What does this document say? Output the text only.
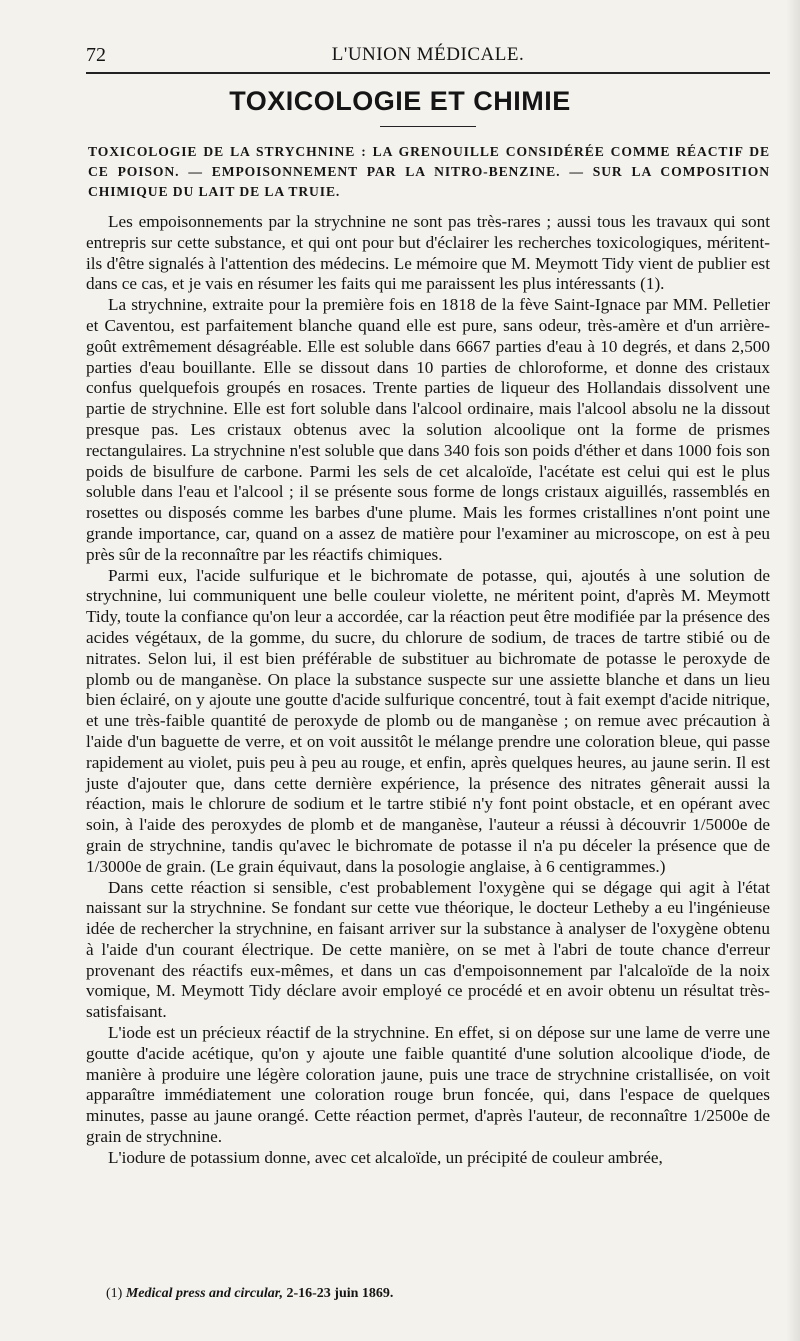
72	L'UNION MÉDICALE.
TOXICOLOGIE ET CHIMIE
TOXICOLOGIE DE LA STRYCHNINE : LA GRENOUILLE CONSIDÉRÉE COMME RÉACTIF DE CE POISON. — EMPOISONNEMENT PAR LA NITRO-BENZINE. — SUR LA COMPOSITION CHIMIQUE DU LAIT DE LA TRUIE.

Les empoisonnements par la strychnine ne sont pas très-rares ; aussi tous les travaux qui sont entrepris sur cette substance, et qui ont pour but d'éclairer les recherches toxicologiques, méritent-ils d'être signalés à l'attention des médecins. Le mémoire que M. Meymott Tidy vient de publier est dans ce cas, et je vais en résumer les faits qui me paraissent les plus intéressants (1).

La strychnine, extraite pour la première fois en 1818 de la fève Saint-Ignace par MM. Pelletier et Caventou, est parfaitement blanche quand elle est pure, sans odeur, très-amère et d'un arrière-goût extrêmement désagréable. Elle est soluble dans 6667 parties d'eau à 10 degrés, et dans 2,500 parties d'eau bouillante. Elle se dissout dans 10 parties de chloroforme, et donne des cristaux confus quelquefois groupés en rosaces. Trente parties de liqueur des Hollandais dissolvent une partie de strychnine. Elle est fort soluble dans l'alcool ordinaire, mais l'alcool absolu ne la dissout presque pas. Les cristaux obtenus avec la solution alcoolique ont la forme de prismes rectangulaires. La strychnine n'est soluble que dans 340 fois son poids d'éther et dans 1000 fois son poids de bisulfure de carbone. Parmi les sels de cet alcaloïde, l'acétate est celui qui est le plus soluble dans l'eau et l'alcool ; il se présente sous forme de longs cristaux aiguillés, rassemblés en rosettes ou disposés comme les barbes d'une plume. Mais les formes cristallines n'ont point une grande importance, car, quand on a assez de matière pour l'examiner au microscope, on est à peu près sûr de la reconnaître par les réactifs chimiques.

Parmi eux, l'acide sulfurique et le bichromate de potasse, qui, ajoutés à une solution de strychnine, lui communiquent une belle couleur violette, ne méritent point, d'après M. Meymott Tidy, toute la confiance qu'on leur a accordée, car la réaction peut être modifiée par la présence des acides végétaux, de la gomme, du sucre, du chlorure de sodium, de traces de tartre stibié ou de nitrates. Selon lui, il est bien préférable de substituer au bichromate de potasse le peroxyde de plomb ou de manganèse. On place la substance suspecte sur une assiette blanche et dans un lieu bien éclairé, on y ajoute une goutte d'acide sulfurique concentré, tout à fait exempt d'acide nitrique, et une très-faible quantité de peroxyde de plomb ou de manganèse ; on remue avec précaution à l'aide d'un baguette de verre, et on voit aussitôt le mélange prendre une coloration bleue, qui passe rapidement au violet, puis peu à peu au rouge, et enfin, après quelques heures, au jaune serin. Il est juste d'ajouter que, dans cette dernière expérience, la présence des nitrates gênerait aussi la réaction, mais le chlorure de sodium et le tartre stibié n'y font point obstacle, et en opérant avec soin, à l'aide des peroxydes de plomb et de manganèse, l'auteur a réussi à découvrir 1/5000e de grain de strychnine, tandis qu'avec le bichromate de potasse il n'a pu déceler la présence que de 1/3000e de grain. (Le grain équivaut, dans la posologie anglaise, à 6 centigrammes.)

Dans cette réaction si sensible, c'est probablement l'oxygène qui se dégage qui agit à l'état naissant sur la strychnine. Se fondant sur cette vue théorique, le docteur Letheby a eu l'ingénieuse idée de rechercher la strychnine, en faisant arriver sur la substance à analyser de l'oxygène obtenu à l'aide d'un courant électrique. De cette manière, on se met à l'abri de toute chance d'erreur provenant des réactifs eux-mêmes, et dans un cas d'empoisonnement par l'alcaloïde de la noix vomique, M. Meymott Tidy déclare avoir employé ce procédé et en avoir obtenu un résultat très-satisfaisant.

L'iode est un précieux réactif de la strychnine. En effet, si on dépose sur une lame de verre une goutte d'acide acétique, qu'on y ajoute une faible quantité d'une solution alcoolique d'iode, de manière à produire une légère coloration jaune, puis une trace de strychnine cristallisée, on voit apparaître immédiatement une coloration rouge brun foncée, qui, dans l'espace de quelques minutes, passe au jaune orangé. Cette réaction permet, d'après l'auteur, de reconnaître 1/2500e de grain de strychnine.

L'iodure de potassium donne, avec cet alcaloïde, un précipité de couleur ambrée,

(1) Medical press and circular, 2-16-23 juin 1869.
